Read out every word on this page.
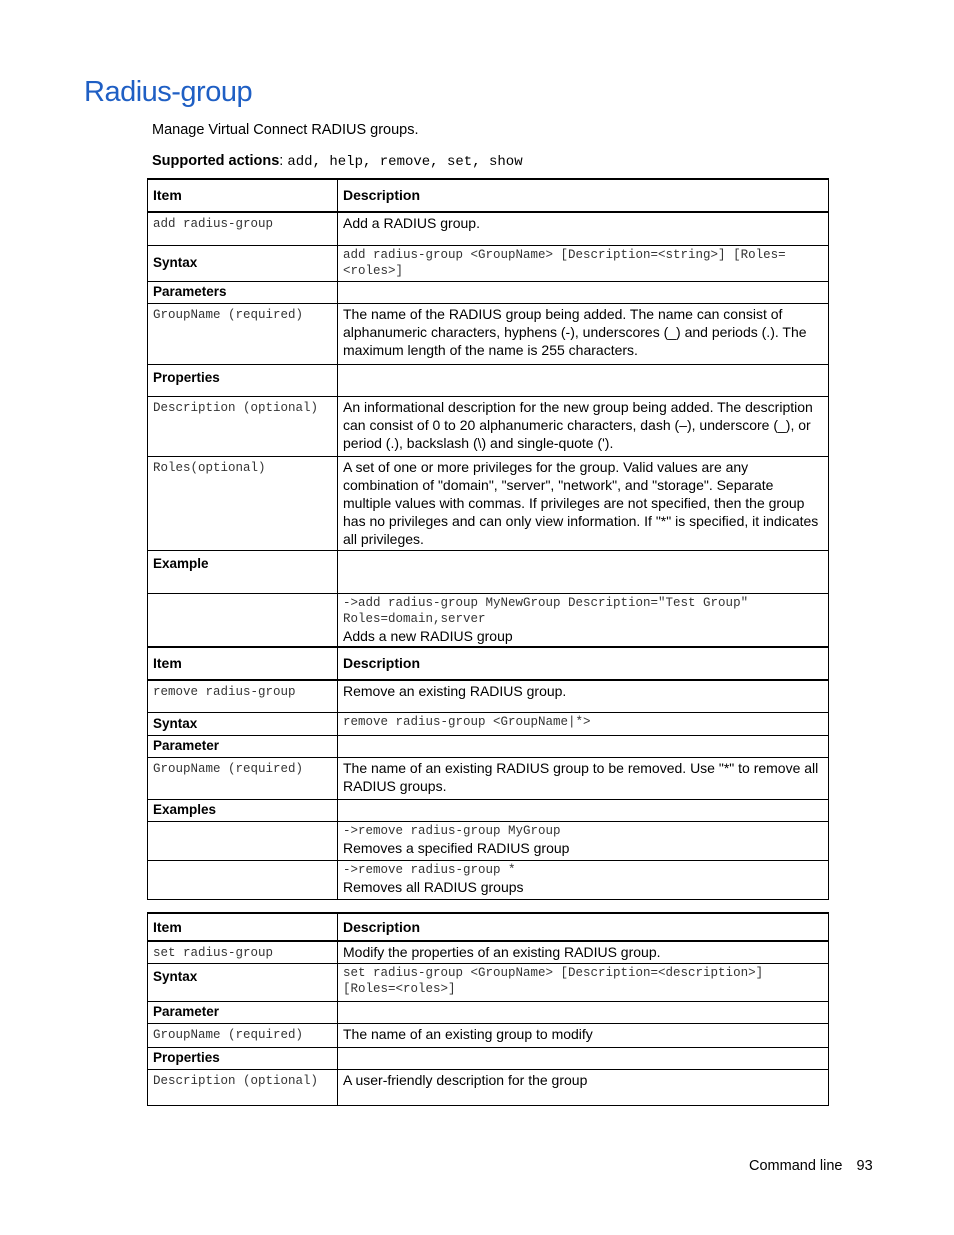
Radius-group
Manage Virtual Connect RADIUS groups.
Supported actions: add, help, remove, set, show
Item	Description

add radius-group	Add a RADIUS group.
Syntax	add radius-group <GroupName> [Description=<string>] [Roles=<roles>]

Parameters	

GroupName (required)	The name of the RADIUS group being added. The name can consist of alphanumeric characters, hyphens (-), underscores (_) and periods (.). The maximum length of the name is 255 characters.
Properties	

Description (optional)	An informational description for the new group being added. The description can consist of 0 to 20 alphanumeric characters, dash (–), underscore (_), or period (.), backslash (\) and single-quote (').

Roles(optional)	A set of one or more privileges for the group. Valid values are any combination of "domain", "server", "network", and "storage". Separate multiple values with commas. If privileges are not specified, then the group has no privileges and can only view information. If "*" is specified, it indicates all privileges.
Example	

	->add radius-group MyNewGroup Description="Test Group" Roles=domain,server
Adds a new RADIUS group
Item	Description

remove radius-group	Remove an existing RADIUS group.
Syntax	remove radius-group <GroupName|*>

Parameter	

GroupName (required)	The name of an existing RADIUS group to be removed. Use "*" to remove all RADIUS groups.
Examples	

	->remove radius-group MyGroup
Removes a specified RADIUS group

	->remove radius-group *
Removes all RADIUS groups
Item	Description

set radius-group	Modify the properties of an existing RADIUS group.
Syntax	set radius-group <GroupName> [Description=<description>] [Roles=<roles>]

Parameter	

GroupName (required)	The name of an existing group to modify
Properties	

Description (optional)	A user-friendly description for the group
Command line 93
